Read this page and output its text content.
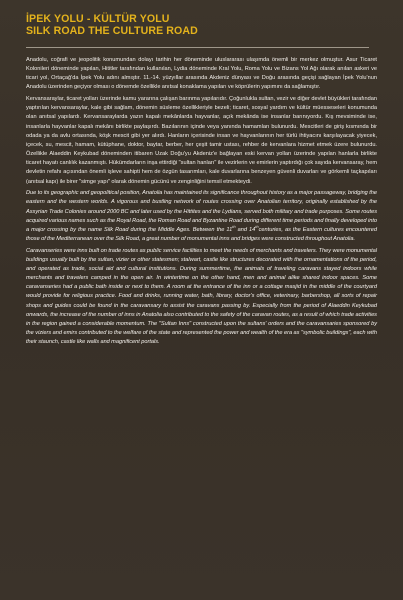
İPEK YOLU - KÜLTÜR YOLU
SILK ROAD THE CULTURE ROAD

Anadolu, coğrafi ve jeopolitik konumundan dolayı tarihin her döneminde uluslararası ulaşımda önemli bir merkez olmuştur. Asur Ticaret Kolonileri döneminde yapılan, Hititler tarafından kullanılan, Lydia döneminde Kral Yolu, Roma Yolu ve Bizans Yol Ağı olarak anılan askeri ve ticari yol, Ortaçağ'da İpek Yolu adını almıştır. 11.-14. yüzyıllar arasında Akdeniz dünyası ve Doğu arasında geçişi sağlayan İpek Yolu'nun Anadolu üzerinden geçiyor olması o dönemde özellikle anıtsal konaklama yapıları ve köprülerin yapımını da sağlamıştır.

Kervansaraylar, ticaret yolları üzerinde kamu yararına çalışan barınma yapılarıdır. Çoğunlukla sultan, vezir ve diğer devlet büyükleri tarafından yaptırılan kervansaraylar, kale gibi sağlam, dönemin süsleme özellikleriyle bezeli; ticaret, sosyal yardım ve kültür müesseseleri konumunda olan anıtsal yapılardı. Kervansaraylarda yazın kapalı mekânlarda hayvanlar, açık mekânda ise insanlar barınıyordu. Kış mevsiminde ise, insanlarla hayvanlar kapalı mekânı birlikte paylaşırdı. Bazılarının içinde veya yanında hamamları bulunurdu. Mescitleri de giriş kısmında bir odada ya da avlu ortasında, köşk mescit gibi yer alırdı. Hanların içerisinde insan ve hayvanlarının her türlü ihtiyacını karşılayacak yiyecek, içecek, su, mescit, hamam, kütüphane, doktor, baytar, berber, her çeşit tamir ustası, rehber de kervanlara hizmet etmek üzere bulunurdu. Özellikle Alaeddin Keykubad döneminden itibaren Uzak Doğu'yu Akdeniz'e bağlayan eski kervan yolları üzerinde yapılan hanlarla birlikte ticaret hayatı canlılık kazanmıştı. Hükümdarların inşa ettirdiği "sultan hanları" ile vezirlerin ve emirlerin yaptırdığı çok sayıda kervansaray, hem devletin refahı açısından önemli işleve sahipti hem de özgün tasarımları, kale duvarlarına benzeyen güvenli duvarları ve görkemli taçkapıları (anıtsal kapı) ile birer "simge yapı" olarak dönemin gücünü ve zenginliğini temsil etmekteydi.

Due to its geographic and geopolitical position, Anatolia has maintained its significance throughout history as a major passageway, bridging the eastern and the western worlds. A vigorous and bustling network of routes crossing over Anatolian territory, originally established by the Assyrian Trade Colonies around 2000 BC and later used by the Hittites and the Lydians, served both military and trade purposes. Some routes acquired various names such as the Royal Road, the Roman Road and Byzantine Road during different time periods and finally developed into a major crossing by the name Silk Road during the Middle Ages. Between the 11th and 14thcenturies, as the Eastern cultures encountered those of the Mediterranean over the Silk Road, a great number of monumental inns and bridges were constructed throughout Anatolia.

Caravanseries were inns built on trade routes as public service facilities to meet the needs of merchants and travelers. They were monumental buildings usually built by the sultan, vizier or other statesmen; stalwart, castle like structures decorated with the ornamentations of the period, and operated as trade, social aid and cultural institutions. During summertime, the animals of traveling caravans stayed indoors while merchants and travelers camped in the open air. In wintertime on the other hand, men and animal alike shared indoor spaces. Some caravanseries had a public bath inside or next to them. A room at the entrance of the inn or a cottage masjid in the middle of the courtyard would provide for religious practice. Food and drinks, running water, bath, library, doctor's office, veterinary, barbershop, all sorts of repair shops and guides could be found in the caravansary to assist the caravans passing by. Especially from the period of Alaeddin Keykubad onwards, the increase of the number of inns in Anatolia also contributed to the safety of the caravan routes, as a result of which trade activities in the region gained a considerable momentum. The "Sultan Inns" constructed upon the sultans' orders and the caravansaries sponsored by the viziers and emirs contributed to the welfare of the state and represented the power and wealth of the era as "symbolic buildings", each with their staunch, castle like walls and magnificent portals.
